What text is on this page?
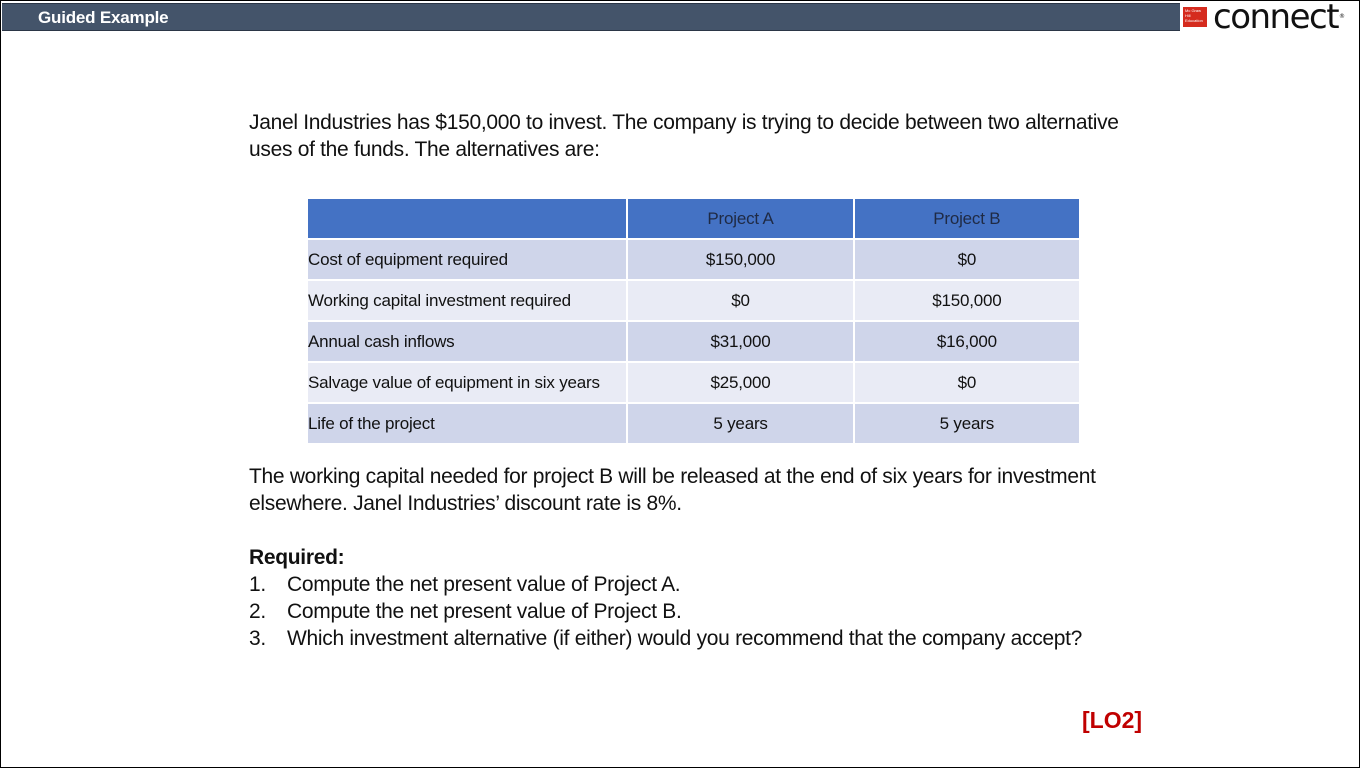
Guided Example	Mc Graw Hill Education connect®
Janel Industries has $150,000 to invest. The company is trying to decide between two alternative uses of the funds. The alternatives are:
	Project A	Project B
Cost of equipment required	$150,000	$0
Working capital investment required	$0	$150,000
Annual cash inflows	$31,000	$16,000
Salvage value of equipment in six years	$25,000	$0
Life of the project	5 years	5 years
The working capital needed for project B will be released at the end of six years for investment elsewhere. Janel Industries’ discount rate is 8%.
Required:
1.	Compute the net present value of Project A.
2.	Compute the net present value of Project B.
3.	Which investment alternative (if either) would you recommend that the company accept?
[LO2]
